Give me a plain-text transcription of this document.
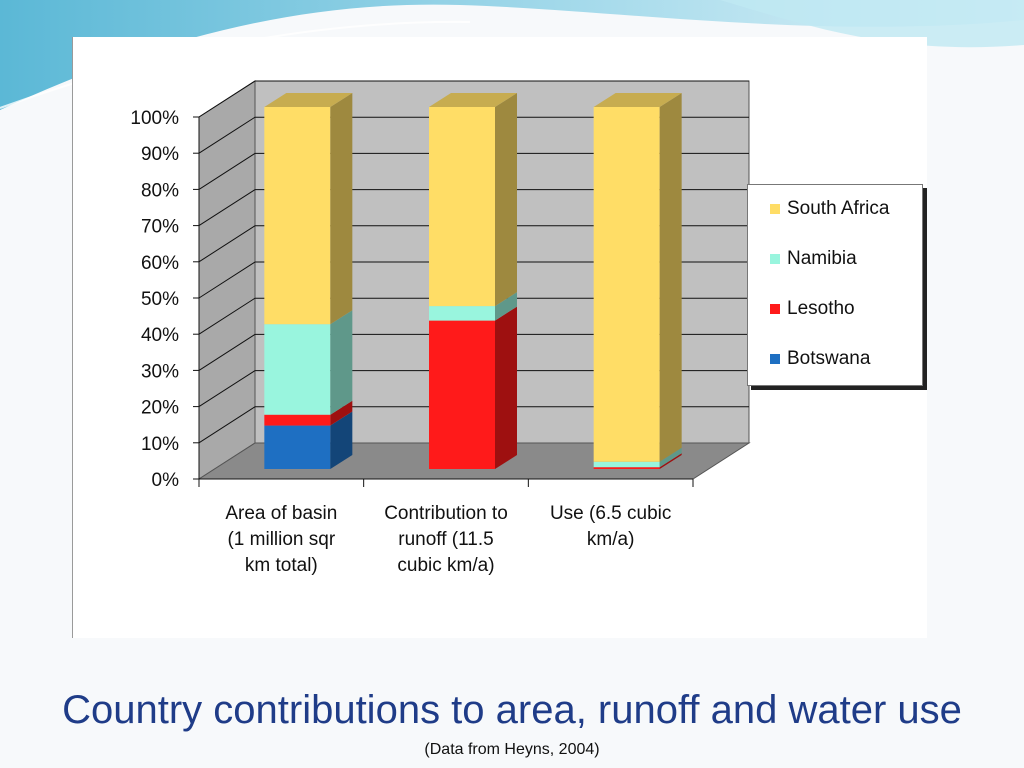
0%
10%
20%
30%
40%
50%
60%
70%
80%
90%
100%
Area of basin
(1 million sqr
km total)
Contribution to
runoff (11.5
cubic km/a)
Use (6.5 cubic
km/a)
South Africa
Namibia
Lesotho
Botswana
Country contributions to area, runoff and water use
(Data from Heyns, 2004)
